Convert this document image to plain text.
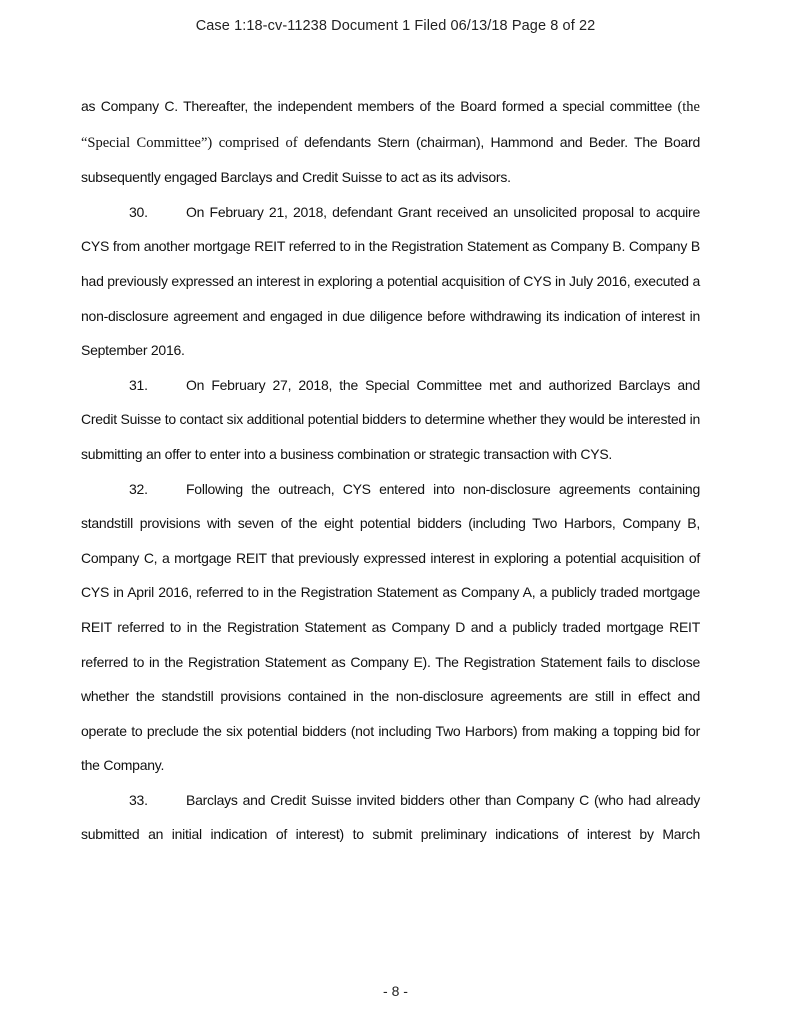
Case 1:18-cv-11238 Document 1 Filed 06/13/18 Page 8 of 22

as Company C. Thereafter, the independent members of the Board formed a special committee (the “Special Committee”) comprised of defendants Stern (chairman), Hammond and Beder. The Board subsequently engaged Barclays and Credit Suisse to act as its advisors.

30.	On February 21, 2018, defendant Grant received an unsolicited proposal to acquire CYS from another mortgage REIT referred to in the Registration Statement as Company B. Company B had previously expressed an interest in exploring a potential acquisition of CYS in July 2016, executed a non-disclosure agreement and engaged in due diligence before withdrawing its indication of interest in September 2016.

31.	On February 27, 2018, the Special Committee met and authorized Barclays and Credit Suisse to contact six additional potential bidders to determine whether they would be interested in submitting an offer to enter into a business combination or strategic transaction with CYS.

32.	Following the outreach, CYS entered into non-disclosure agreements containing standstill provisions with seven of the eight potential bidders (including Two Harbors, Company B, Company C, a mortgage REIT that previously expressed interest in exploring a potential acquisition of CYS in April 2016, referred to in the Registration Statement as Company A, a publicly traded mortgage REIT referred to in the Registration Statement as Company D and a publicly traded mortgage REIT referred to in the Registration Statement as Company E). The Registration Statement fails to disclose whether the standstill provisions contained in the non-disclosure agreements are still in effect and operate to preclude the six potential bidders (not including Two Harbors) from making a topping bid for the Company.

33.	Barclays and Credit Suisse invited bidders other than Company C (who had already submitted an initial indication of interest) to submit preliminary indications of interest by March

- 8 -
